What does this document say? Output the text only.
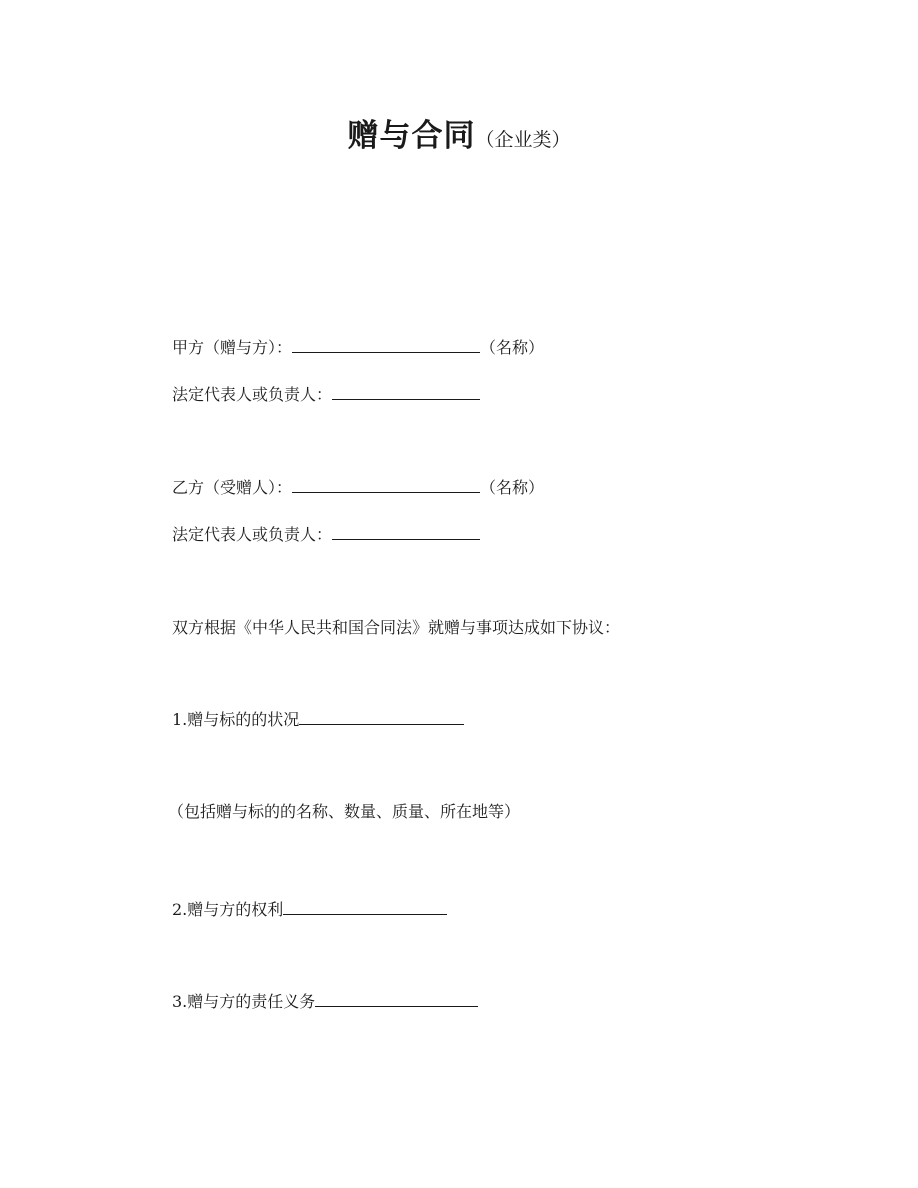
赠与合同（企业类）
甲方（赠与方）：	（名称）
法定代表人或负责人：
乙方（受赠人）：	（名称）
法定代表人或负责人：
双方根据《中华人民共和国合同法》就赠与事项达成如下协议：
1.赠与标的的状况
（包括赠与标的的名称、数量、质量、所在地等）
2.赠与方的权利
3.赠与方的责任义务
